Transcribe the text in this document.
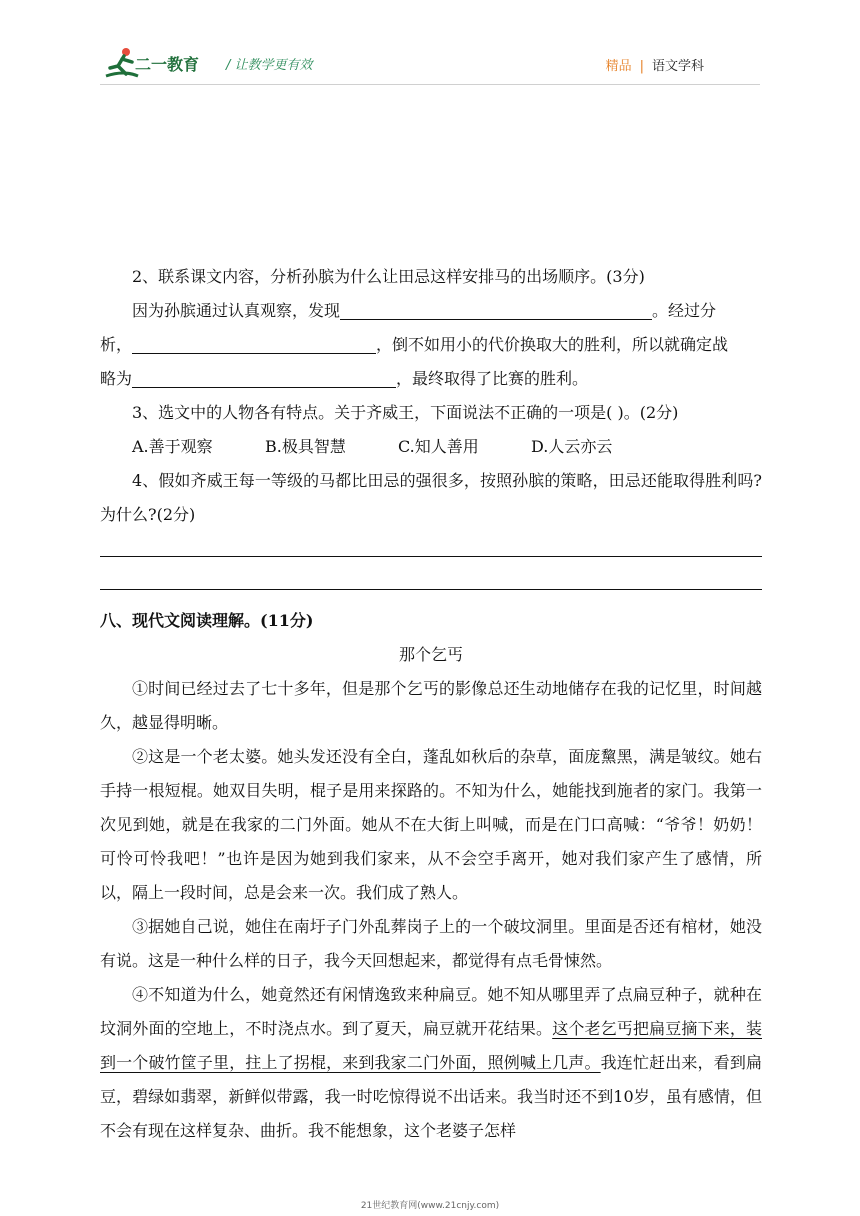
二一教育 / 让教学更有效	精品 | 语文学科

2、联系课文内容，分析孙膑为什么让田忌这样安排马的出场顺序。(3分)

因为孙膑通过认真观察，发现	。经过分

析，	，倒不如用小的代价换取大的胜利，所以就确定战

略为	，最终取得了比赛的胜利。

3、选文中的人物各有特点。关于齐威王，下面说法不正确的一项是( )。(2分)

A.善于观察	B.极具智慧	C.知人善用	D.人云亦云

4、假如齐威王每一等级的马都比田忌的强很多，按照孙膑的策略，田忌还能取得胜利吗?为什么?(2分)

八、现代文阅读理解。(11分)

那个乞丐

①时间已经过去了七十多年，但是那个乞丐的影像总还生动地储存在我的记忆里，时间越久，越显得明晰。

②这是一个老太婆。她头发还没有全白，蓬乱如秋后的杂草，面庞黧黑，满是皱纹。她右手持一根短棍。她双目失明，棍子是用来探路的。不知为什么，她能找到施者的家门。我第一次见到她，就是在我家的二门外面。她从不在大街上叫喊，而是在门口高喊：“爷爷！奶奶！可怜可怜我吧！”也许是因为她到我们家来，从不会空手离开，她对我们家产生了感情，所以，隔上一段时间，总是会来一次。我们成了熟人。

③据她自己说，她住在南圩子门外乱葬岗子上的一个破坟洞里。里面是否还有棺材，她没有说。这是一种什么样的日子，我今天回想起来，都觉得有点毛骨悚然。

④不知道为什么，她竟然还有闲情逸致来种扁豆。她不知从哪里弄了点扁豆种子，就种在坟洞外面的空地上，不时浇点水。到了夏天，扁豆就开花结果。这个老乞丐把扁豆摘下来，装到一个破竹筐子里，拄上了拐棍，来到我家二门外面，照例喊上几声。我连忙赶出来，看到扁豆，碧绿如翡翠，新鲜似带露，我一时吃惊得说不出话来。我当时还不到10岁，虽有感情，但不会有现在这样复杂、曲折。我不能想象，这个老婆子怎样

21世纪教育网(www.21cnjy.com)
